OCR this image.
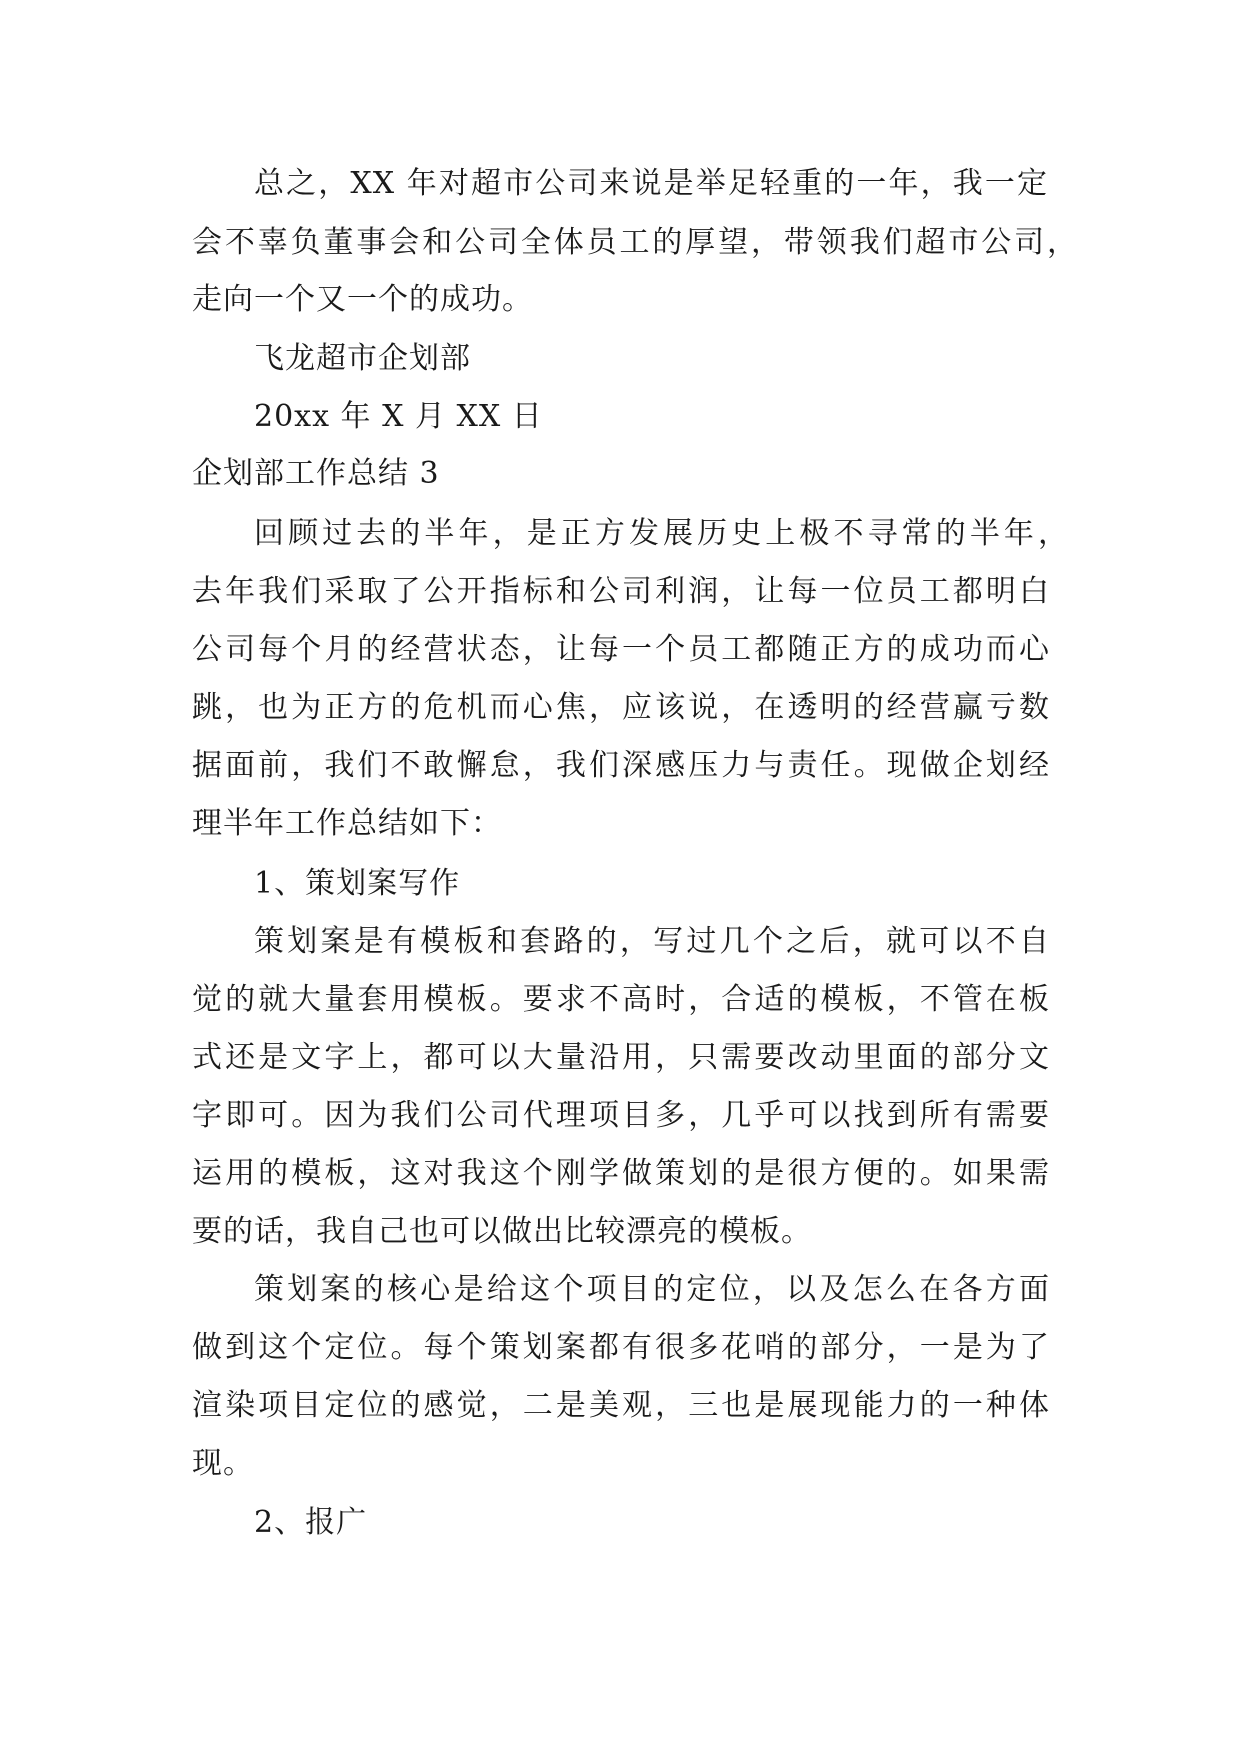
总之，XX 年对超市公司来说是举足轻重的一年，我一定
会不辜负董事会和公司全体员工的厚望，带领我们超市公司，
走向一个又一个的成功。
飞龙超市企划部
20xx 年 X 月 XX 日
企划部工作总结 3
回顾过去的半年，是正方发展历史上极不寻常的半年，
去年我们采取了公开指标和公司利润，让每一位员工都明白
公司每个月的经营状态，让每一个员工都随正方的成功而心
跳，也为正方的危机而心焦，应该说，在透明的经营赢亏数
据面前，我们不敢懈怠，我们深感压力与责任。现做企划经
理半年工作总结如下：
1、策划案写作
策划案是有模板和套路的，写过几个之后，就可以不自
觉的就大量套用模板。要求不高时，合适的模板，不管在板
式还是文字上，都可以大量沿用，只需要改动里面的部分文
字即可。因为我们公司代理项目多，几乎可以找到所有需要
运用的模板，这对我这个刚学做策划的是很方便的。如果需
要的话，我自己也可以做出比较漂亮的模板。
策划案的核心是给这个项目的定位，以及怎么在各方面
做到这个定位。每个策划案都有很多花哨的部分，一是为了
渲染项目定位的感觉，二是美观，三也是展现能力的一种体
现。
2、报广
